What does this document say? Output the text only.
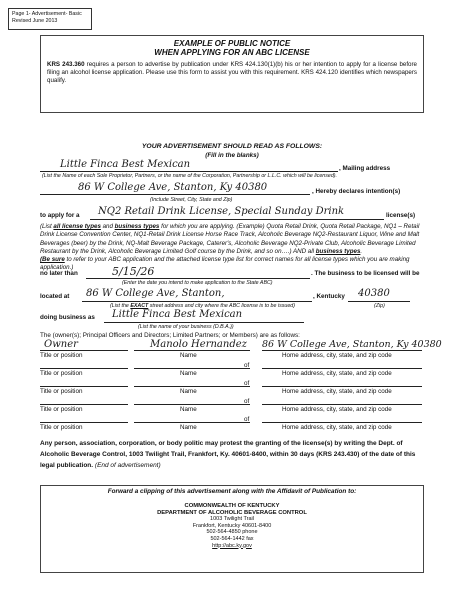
Page 1- Advertisement- Basic
Revised June 2013
EXAMPLE OF PUBLIC NOTICE
WHEN APPLYING FOR AN ABC LICENSE
KRS 243.360 requires a person to advertise by publication under KRS 424.130(1)(b) his or her intention to apply for a license before filing an alcohol license application. Please use this form to assist you with this requirement. KRS 424.120 identifies which newspapers qualify.
YOUR ADVERTISEMENT SHOULD READ AS FOLLOWS:
(Fill in the blanks)
Little Finca Best Mexican	, Mailing address
(List the Name of each Sole Proprietor, Partners, or the name of the Corporation, Partnership or L.L.C. which will be licensed).
86 W College Ave, Stanton, Ky 40380	, Hereby declares intention(s)
(Include Street, City, State and Zip)
to apply for a NQ2 Retail Drink License, Special Sunday Drink	license(s)
(List all license types and business types for which you are applying. (Example) Quota Retail Drink, Quota Retail Package, NQ1 – Retail Drink License Convention Center, NQ1-Retail Drink License Horse Race Track, Alcoholic Beverage NQ2-Restaurant Liquor, Wine and Malt Beverages (beer) by the Drink, NQ-Malt Beverage Package, Caterer's, Alcoholic Beverage NQ2-Private Club, Alcoholic Beverage Limited Restaurant by the Drink, Alcoholic Beverage Limited Golf course by the Drink, and so on….) AND all business types.
(Be sure to refer to your ABC application and the attached license type list for correct names for all license types which you are making application.)
no later than	5/15/26	. The business to be licensed will be
(Enter the date you intend to make application to the State ABC)
located at 86 W College Ave, Stanton,	, Kentucky 40380
(List the EXACT street address and city where the ABC license is to be issued)	(Zip)
doing business as Little Finca Best Mexican
(List the name of your business (D.B.A.))
The (owner(s); Principal Officers and Directors; Limited Partners; or Members) are as follows:
Owner	Manolo Hernandez 86 W College Ave, Stanton, Ky 40380
Title or position	Name	Home address, city, state, and zip code
of
Title or position	Name	Home address, city, state, and zip code
of
Title or position	Name	Home address, city, state, and zip code
of
Title or position	Name	Home address, city, state, and zip code
of
Title or position	Name	Home address, city, state, and zip code
Any person, association, corporation, or body politic may protest the granting of the license(s) by writing the Dept. of Alcoholic Beverage Control, 1003 Twilight Trail, Frankfort, Ky. 40601-8400, within 30 days (KRS 243.430) of the date of this legal publication. (End of advertisement)
Forward a clipping of this advertisement along with the Affidavit of Publication to:
COMMONWEALTH OF KENTUCKY
DEPARTMENT OF ALCOHOLIC BEVERAGE CONTROL
1003 Twilight Trail
Frankfort, Kentucky 40601-8400
502-564-4850 phone
502-564-1442 fax
http://abc.ky.gov
